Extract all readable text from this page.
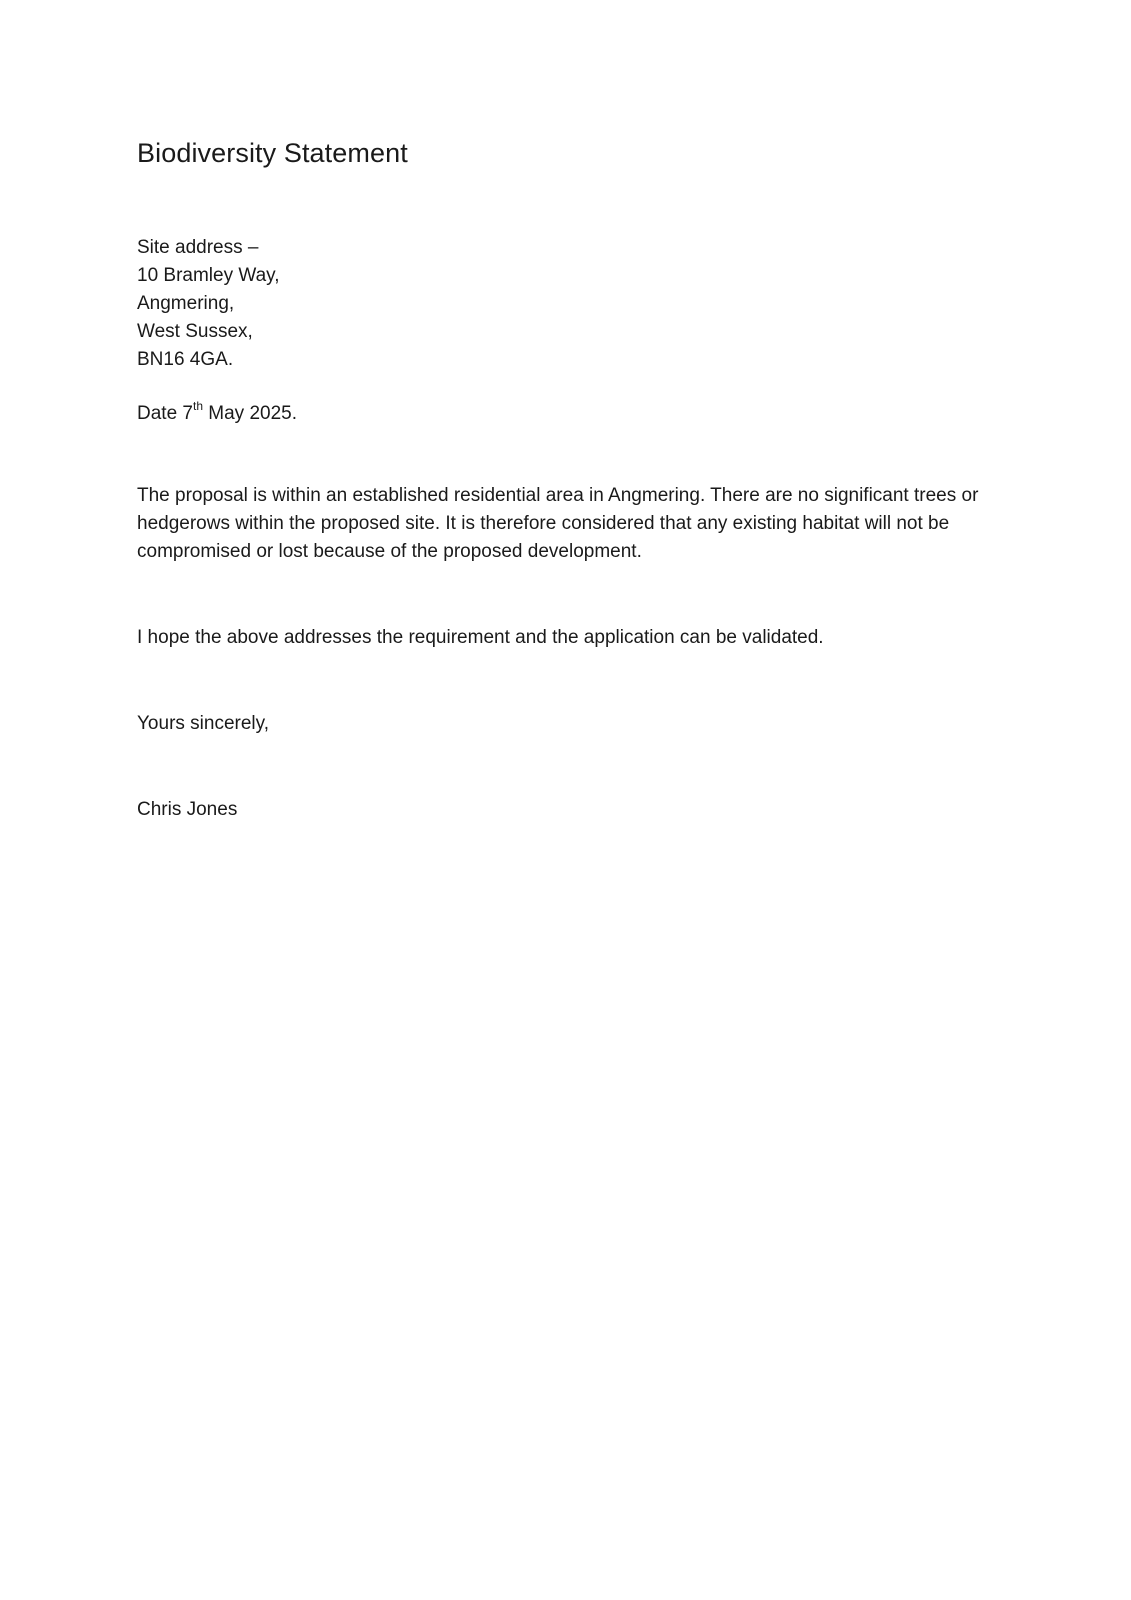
Biodiversity Statement
Site address –
10 Bramley Way,
Angmering,
West Sussex,
BN16 4GA.

Date 7th May 2025.

The proposal is within an established residential area in Angmering. There are no significant trees or hedgerows within the proposed site. It is therefore considered that any existing habitat will not be compromised or lost because of the proposed development.

I hope the above addresses the requirement and the application can be validated.

Yours sincerely,

Chris Jones
